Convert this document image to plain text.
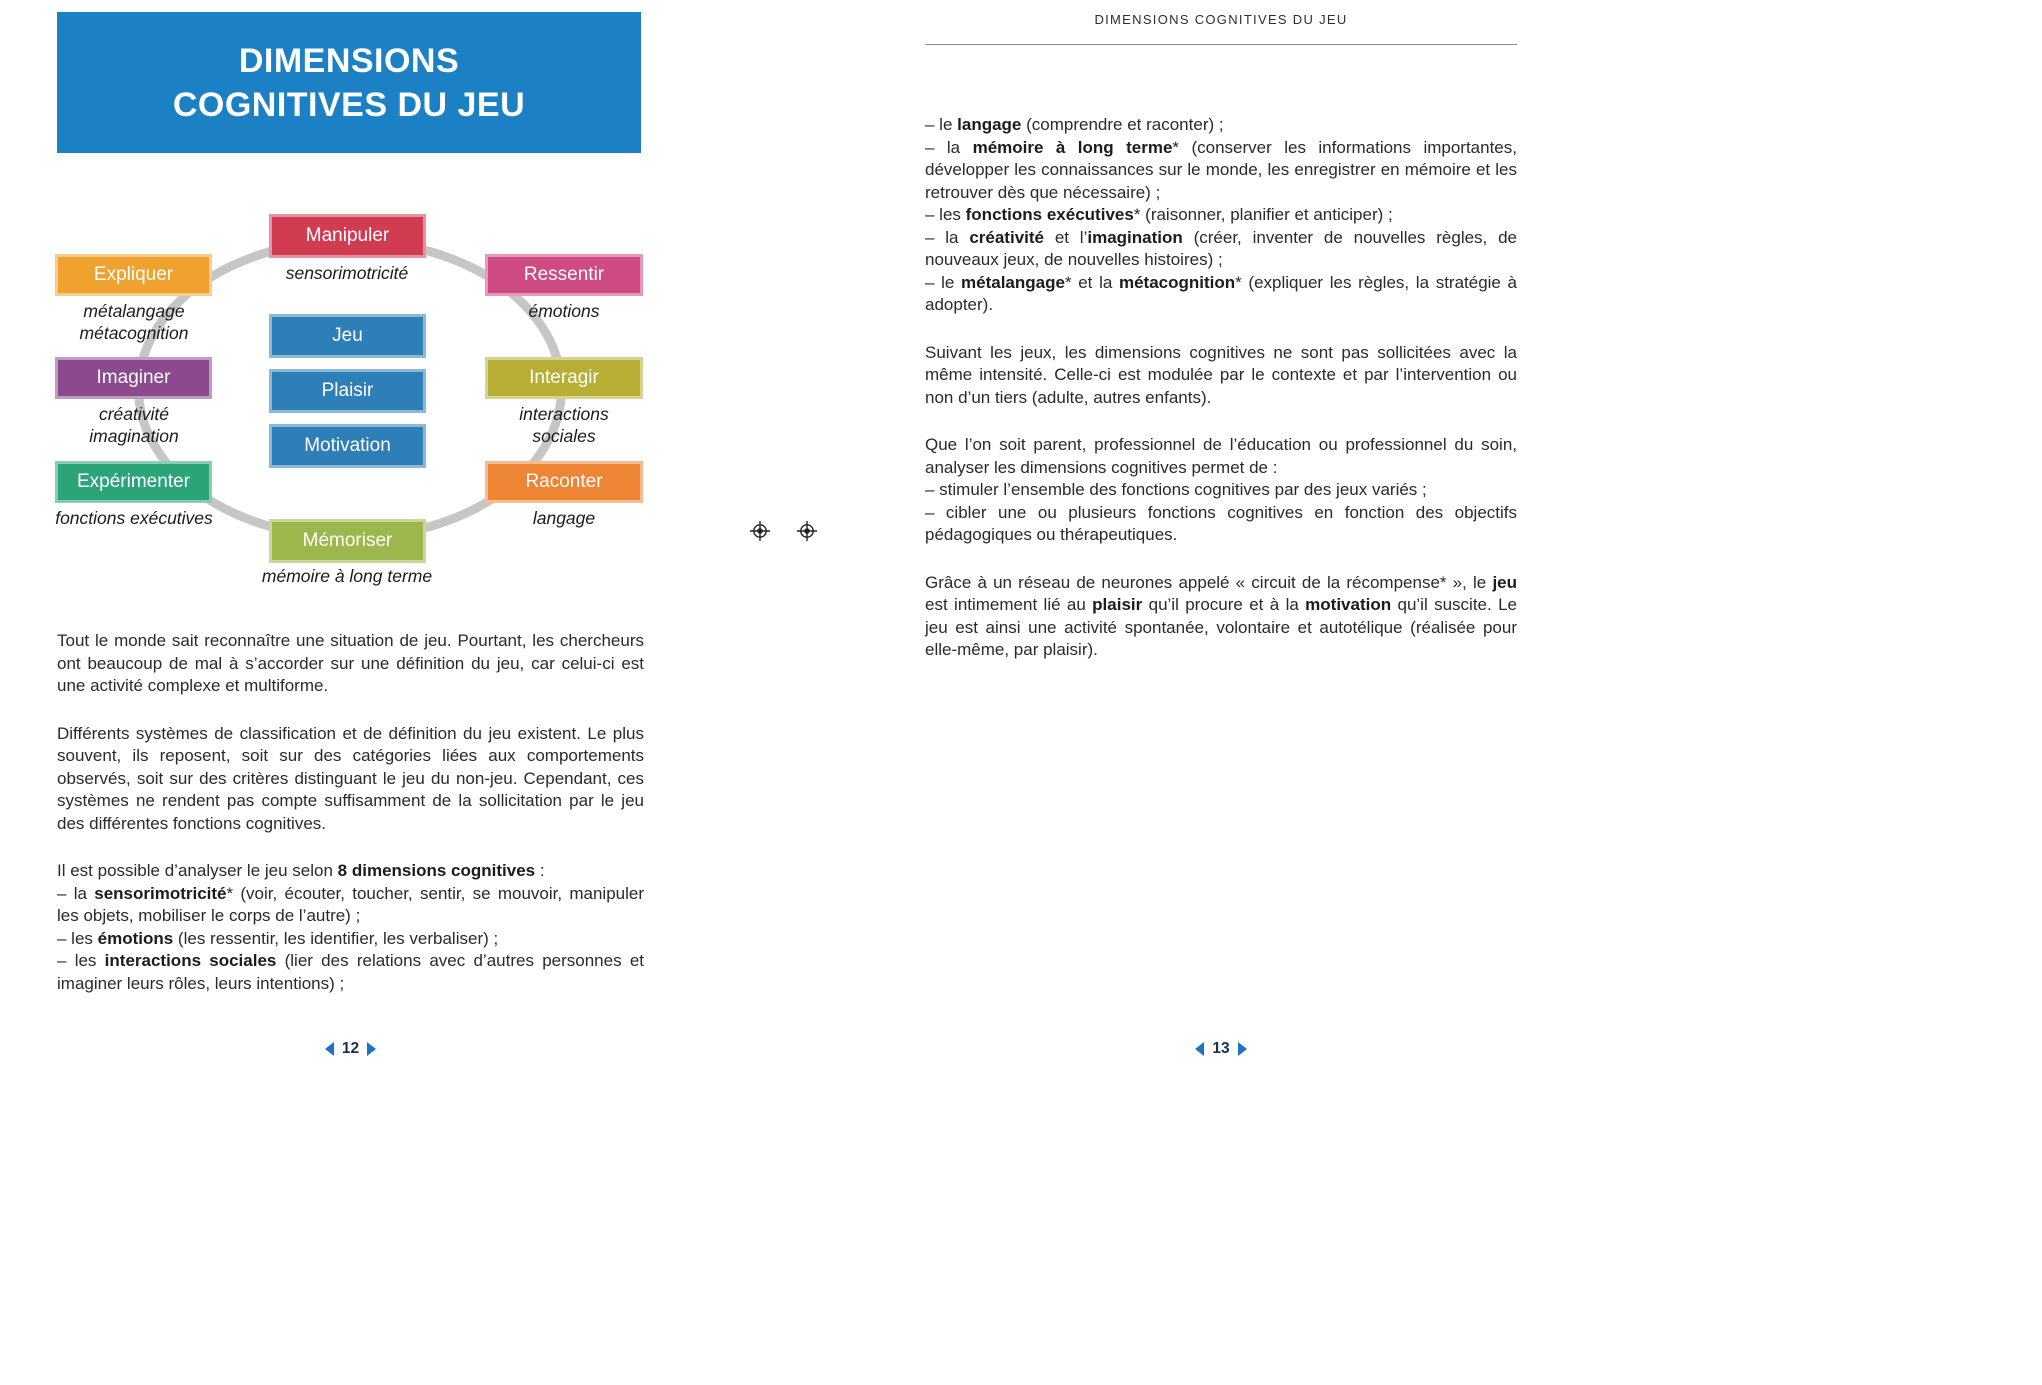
DIMENSIONS
COGNITIVES DU JEU
Jeu
Plaisir
Motivation
Manipuler
sensorimotricité
Expliquer
métalangage
métacognition
Ressentir
émotions
Imaginer
créativité
imagination
Interagir
interactions
sociales
Expérimenter
fonctions exécutives
Raconter
langage
Mémoriser
mémoire à long terme

Tout le monde sait reconnaître une situation de jeu. Pourtant, les chercheurs ont beaucoup de mal à s’accorder sur une définition du jeu, car celui-ci est une activité complexe et multiforme.

Différents systèmes de classification et de définition du jeu existent. Le plus souvent, ils reposent, soit sur des catégories liées aux comportements observés, soit sur des critères distinguant le jeu du non-jeu. Cependant, ces systèmes ne rendent pas compte suffisamment de la sollicitation par le jeu des différentes fonctions cognitives.

Il est possible d’analyser le jeu selon 8 dimensions cognitives :

– la sensorimotricité* (voir, écouter, toucher, sentir, se mouvoir, manipuler les objets, mobiliser le corps de l’autre) ;

– les émotions (les ressentir, les identifier, les verbaliser) ;

– les interactions sociales (lier des relations avec d’autres personnes et imaginer leurs rôles, leurs intentions) ;

12
DIMENSIONS COGNITIVES DU JEU

– le langage (comprendre et raconter) ;

– la mémoire à long terme* (conserver les informations importantes, développer les connaissances sur le monde, les enregistrer en mémoire et les retrouver dès que nécessaire) ;

– les fonctions exécutives* (raisonner, planifier et anticiper) ;

– la créativité et l’imagination (créer, inventer de nouvelles règles, de nouveaux jeux, de nouvelles histoires) ;

– le métalangage* et la métacognition* (expliquer les règles, la stratégie à adopter).

Suivant les jeux, les dimensions cognitives ne sont pas sollicitées avec la même intensité. Celle-ci est modulée par le contexte et par l’intervention ou non d’un tiers (adulte, autres enfants).

Que l’on soit parent, professionnel de l’éducation ou professionnel du soin, analyser les dimensions cognitives permet de :

– stimuler l’ensemble des fonctions cognitives par des jeux variés ;

– cibler une ou plusieurs fonctions cognitives en fonction des objectifs pédagogiques ou thérapeutiques.

Grâce à un réseau de neurones appelé « circuit de la récompense* », le jeu est intimement lié au plaisir qu’il procure et à la motivation qu’il suscite. Le jeu est ainsi une activité spontanée, volontaire et autotélique (réalisée pour elle-même, par plaisir).

13
